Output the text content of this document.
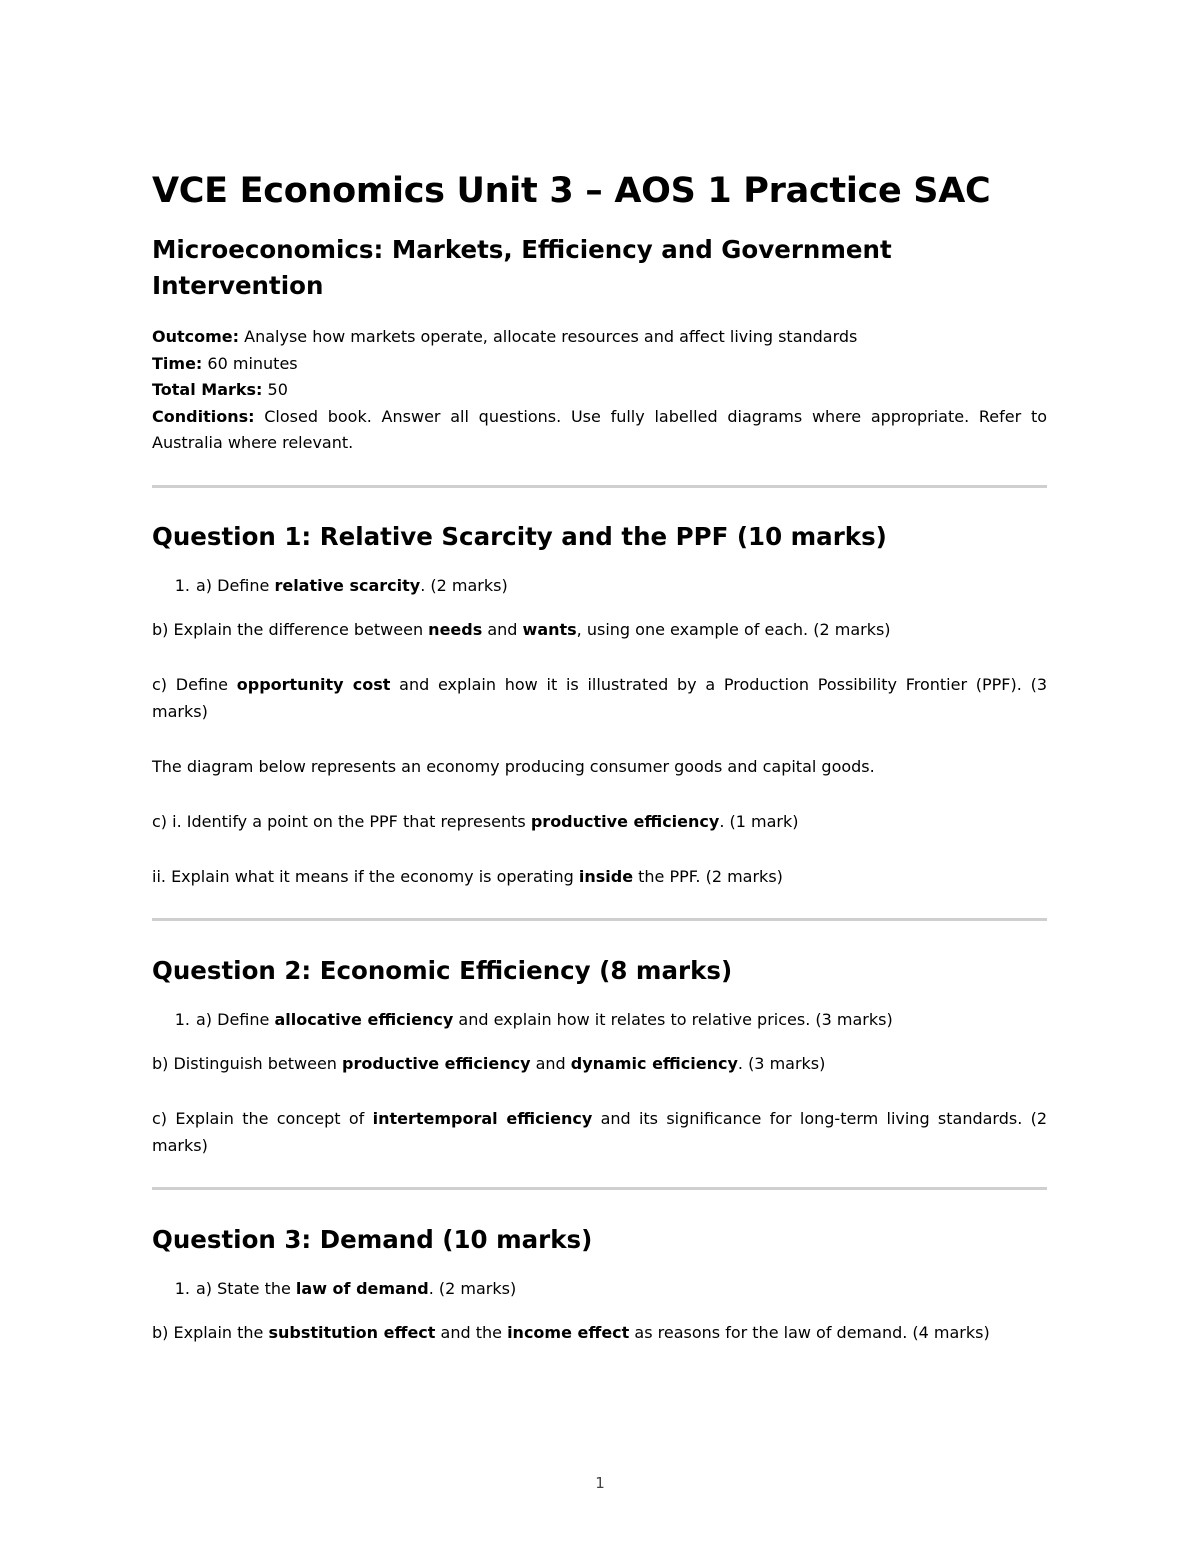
VCE Economics Unit 3 – AOS 1 Practice SAC
Microeconomics: Markets, Efficiency and Government Intervention
Outcome: Analyse how markets operate, allocate resources and affect living standards
Time: 60 minutes
Total Marks: 50
Conditions: Closed book. Answer all questions. Use fully labelled diagrams where appropriate. Refer to Australia where relevant.
Question 1: Relative Scarcity and the PPF (10 marks)

1. a) Define relative scarcity. (2 marks)

b) Explain the difference between needs and wants, using one example of each. (2 marks)

c) Define opportunity cost and explain how it is illustrated by a Production Possibility Frontier (PPF). (3 marks)

The diagram below represents an economy producing consumer goods and capital goods.

c) i. Identify a point on the PPF that represents productive efficiency. (1 mark)

ii. Explain what it means if the economy is operating inside the PPF. (2 marks)

Question 2: Economic Efficiency (8 marks)

1. a) Define allocative efficiency and explain how it relates to relative prices. (3 marks)

b) Distinguish between productive efficiency and dynamic efficiency. (3 marks)

c) Explain the concept of intertemporal efficiency and its significance for long-term living standards. (2 marks)

Question 3: Demand (10 marks)

1. a) State the law of demand. (2 marks)

b) Explain the substitution effect and the income effect as reasons for the law of demand. (4 marks)

1
